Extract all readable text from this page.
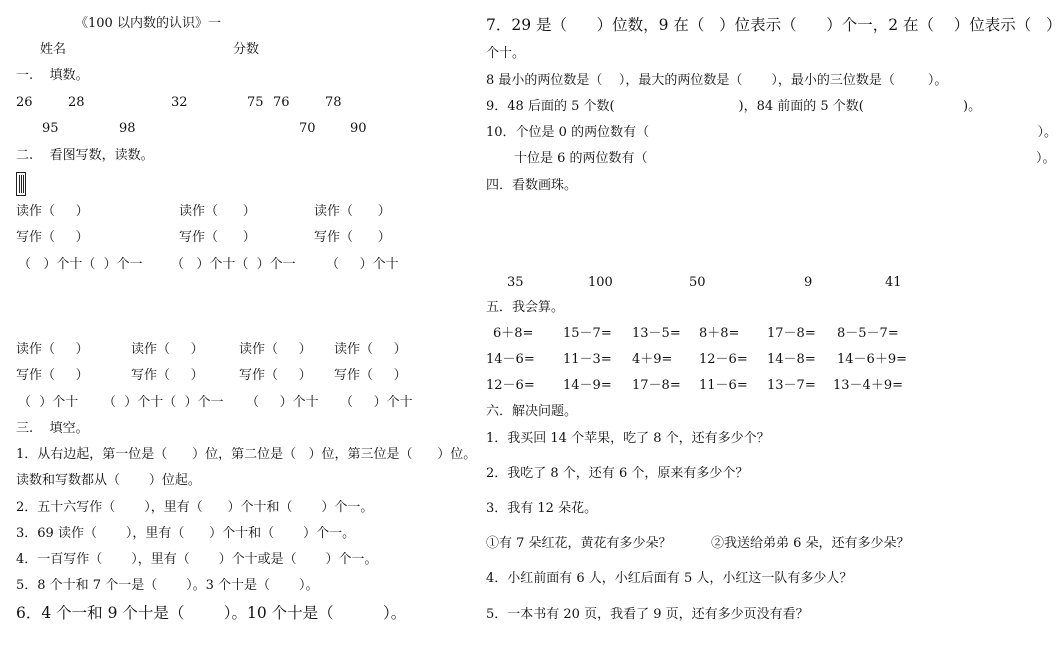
《100 以内数的认识》一
姓名	分数
一.    填数。
26	28	32	75 76	78
95	98	70	90
二.    看图写数，读数。
读作（     ）	读作（      ）	读作（      ）
写作（     ）	写作（      ）	写作（      ）
（   ）个十（  ）个一 （   ）个十（  ）个一 （     ）个十
读作（     ）	读作（     ）	读作（     ） 读作（     ）
写作（     ）	写作（     ）	写作（     ） 写作（     ）
（  ）个十 （  ）个十（  ）个一 （     ）个十 （     ）个十
三.    填空。
1．从右边起，第一位是（      ）位，第二位是（   ）位，第三位是（      ）位。
读数和写数都从（       ）位起。
2．五十六写作（       ），里有（      ）个十和（       ）个一。
3．69 读作（       ），里有（      ）个十和（       ）个一。
4．一百写作（       ），里有（       ）个十或是（       ）个一。
5．8 个十和 7 个一是（       ）。3 个十是（       ）。
6．4 个一和 9 个十是（        ）。10 个十是（          ）。
7．29 是（      ）位数，9 在（   ）位表示（      ）个一，2 在（    ）位表示（   ）
个十。
8 最小的两位数是（    ），最大的两位数是（       ），最小的三位数是（        ）。
9．48 后面的 5 个数(                              )，84 前面的 5 个数(                        )。
10．个位是 0 的两位数有（                                                                                              ）。
十位是 6 的两位数有（                                                                                              ）。
四．看数画珠。
35	100	50	9	41
五．我会算。
6＋8= 15－7= 13－5= 8＋8= 17－8= 8－5－7=
14－6= 11－3= 4＋9= 12－6= 14－8= 14－6＋9=
12－6= 14－9= 17－8= 11－6= 13－7= 13－4＋9=
六．解决问题。
1．我买回 14 个苹果，吃了 8 个，还有多少个？
2．我吃了 8 个，还有 6 个，原来有多少个？
3．我有 12 朵花。
①有 7 朵红花，黄花有多少朵？	②我送给弟弟 6 朵，还有多少朵？
4．小红前面有 6 人，小红后面有 5 人，小红这一队有多少人？
5．一本书有 20 页，我看了 9 页，还有多少页没有看？
